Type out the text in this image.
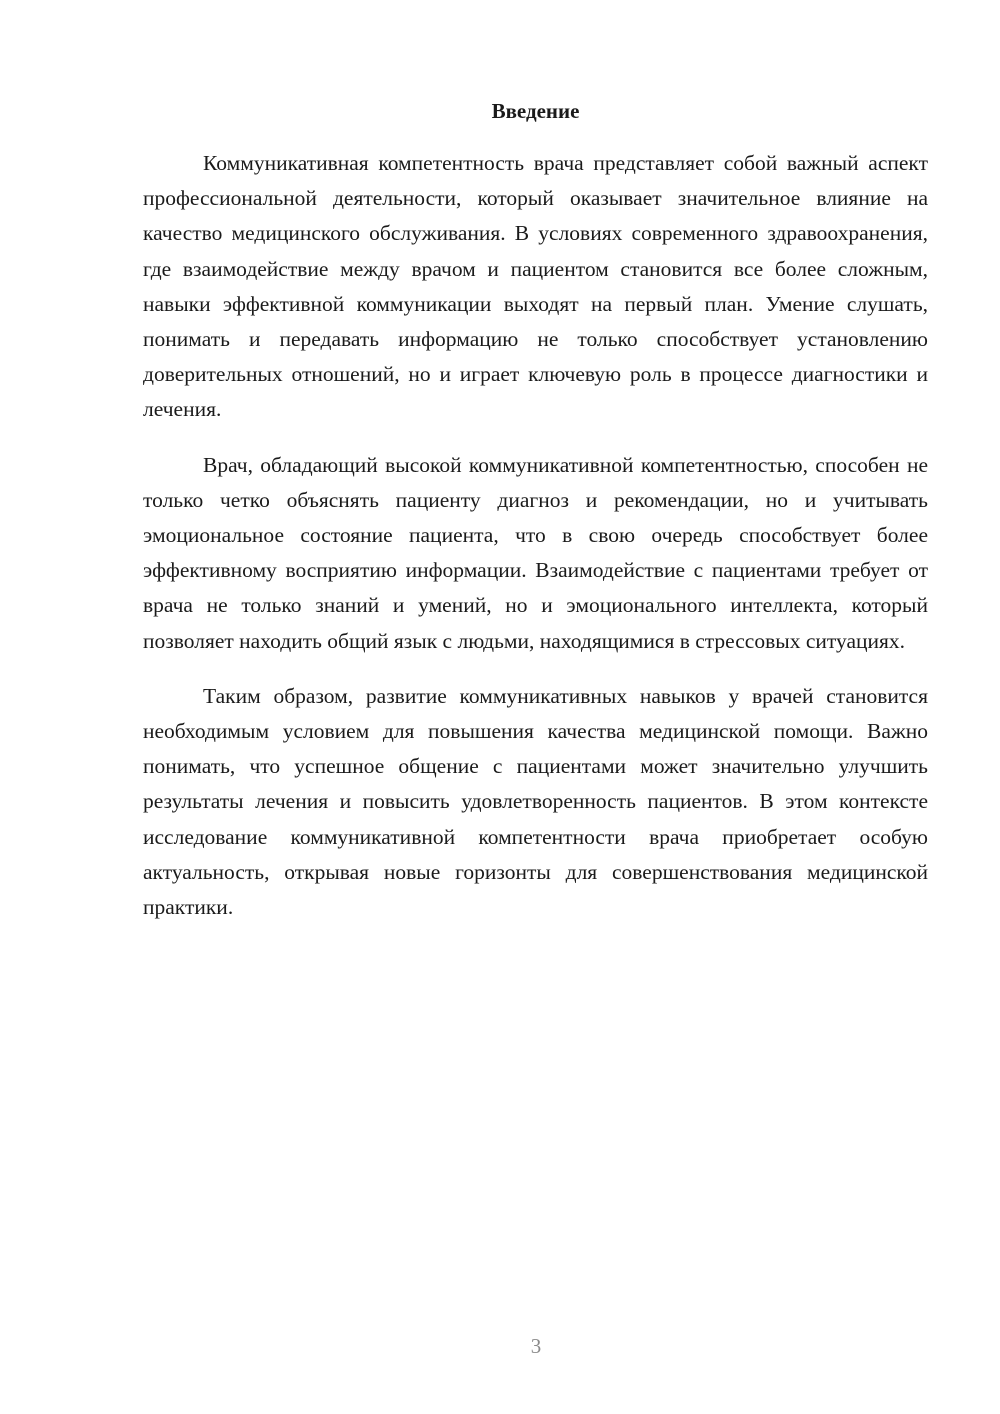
Введение

Коммуникативная компетентность врача представляет собой важный аспект профессиональной деятельности, который оказывает значительное влияние на качество медицинского обслуживания. В условиях современного здравоохранения, где взаимодействие между врачом и пациентом становится все более сложным, навыки эффективной коммуникации выходят на первый план. Умение слушать, понимать и передавать информацию не только способствует установлению доверительных отношений, но и играет ключевую роль в процессе диагностики и лечения.

Врач, обладающий высокой коммуникативной компетентностью, способен не только четко объяснять пациенту диагноз и рекомендации, но и учитывать эмоциональное состояние пациента, что в свою очередь способствует более эффективному восприятию информации. Взаимодействие с пациентами требует от врача не только знаний и умений, но и эмоционального интеллекта, который позволяет находить общий язык с людьми, находящимися в стрессовых ситуациях.

Таким образом, развитие коммуникативных навыков у врачей становится необходимым условием для повышения качества медицинской помощи. Важно понимать, что успешное общение с пациентами может значительно улучшить результаты лечения и повысить удовлетворенность пациентов. В этом контексте исследование коммуникативной компетентности врача приобретает особую актуальность, открывая новые горизонты для совершенствования медицинской практики.

3
